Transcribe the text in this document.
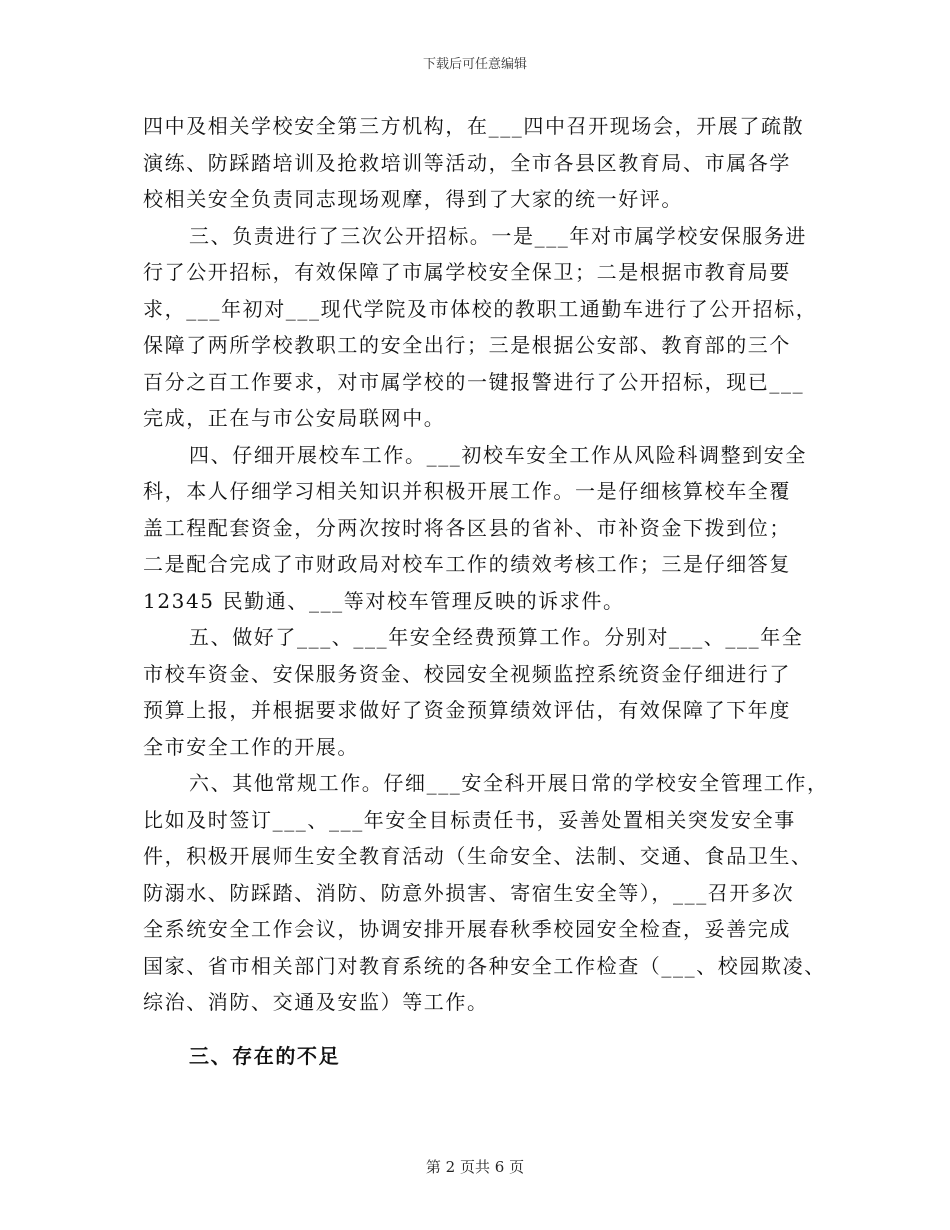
下载后可任意编辑
四中及相关学校安全第三方机构，在___四中召开现场会，开展了疏散
演练、防踩踏培训及抢救培训等活动，全市各县区教育局、市属各学
校相关安全负责同志现场观摩，得到了大家的统一好评。
三、负责进行了三次公开招标。一是___年对市属学校安保服务进
行了公开招标，有效保障了市属学校安全保卫；二是根据市教育局要
求，___年初对___现代学院及市体校的教职工通勤车进行了公开招标，
保障了两所学校教职工的安全出行；三是根据公安部、教育部的三个
百分之百工作要求，对市属学校的一键报警进行了公开招标，现已___
完成，正在与市公安局联网中。
四、仔细开展校车工作。___初校车安全工作从风险科调整到安全
科，本人仔细学习相关知识并积极开展工作。一是仔细核算校车全覆
盖工程配套资金，分两次按时将各区县的省补、市补资金下拨到位；
二是配合完成了市财政局对校车工作的绩效考核工作；三是仔细答复
12345 民勤通、___等对校车管理反映的诉求件。
五、做好了___、___年安全经费预算工作。分别对___、___年全
市校车资金、安保服务资金、校园安全视频监控系统资金仔细进行了
预算上报，并根据要求做好了资金预算绩效评估，有效保障了下年度
全市安全工作的开展。
六、其他常规工作。仔细___安全科开展日常的学校安全管理工作，
比如及时签订___、___年安全目标责任书，妥善处置相关突发安全事
件，积极开展师生安全教育活动（生命安全、法制、交通、食品卫生、
防溺水、防踩踏、消防、防意外损害、寄宿生安全等），___召开多次
全系统安全工作会议，协调安排开展春秋季校园安全检查，妥善完成
国家、省市相关部门对教育系统的各种安全工作检查（___、校园欺凌、
综治、消防、交通及安监）等工作。
三、存在的不足
第 2 页共 6 页
